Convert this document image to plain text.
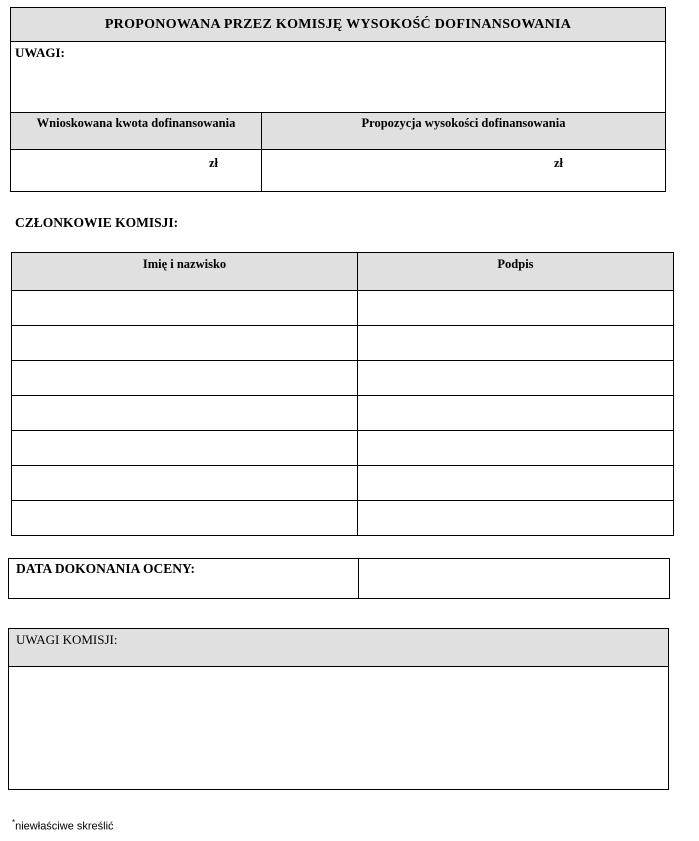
PROPONOWANA PRZEZ KOMISJĘ WYSOKOŚĆ DOFINANSOWANIA	
UWAGI:	
Wnioskowana kwota dofinansowania	Propozycja wysokości dofinansowania

zł	zł
CZŁONKOWIE KOMISJI:
Imię i nazwisko	Podpis

DATA DOKONANIA OCENY:	
UWAGI KOMISJI:

*niewłaściwe skreślić
